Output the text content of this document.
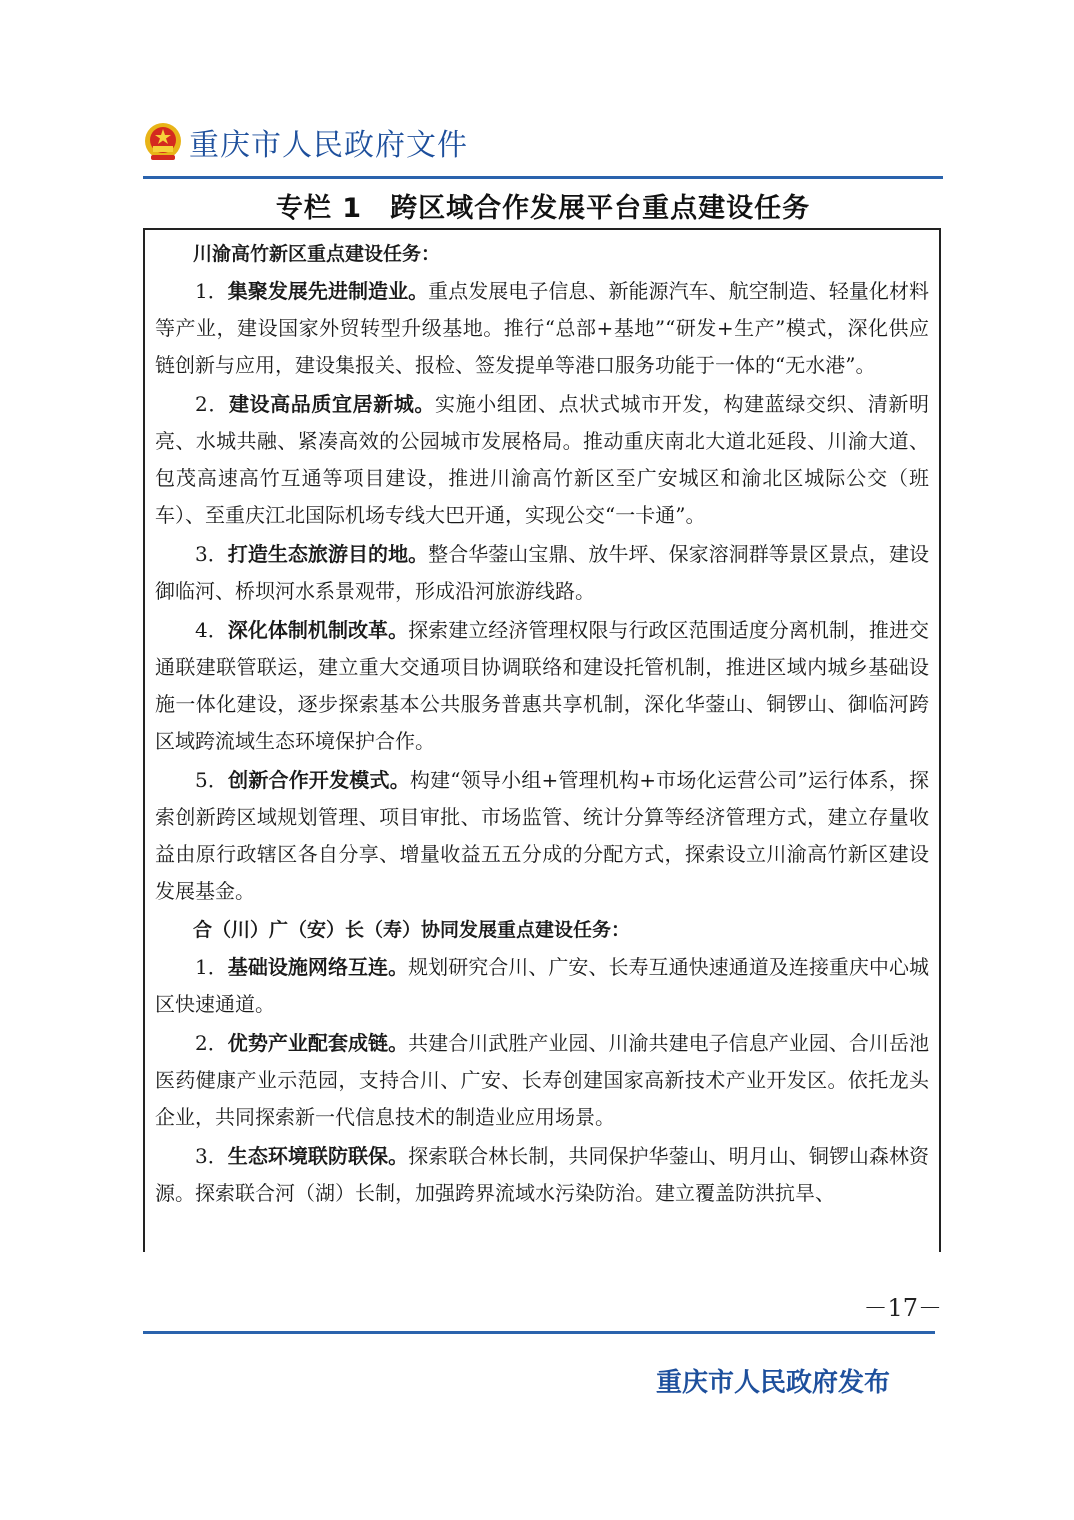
重庆市人民政府文件
专栏 1　跨区域合作发展平台重点建设任务

川渝高竹新区重点建设任务：

1．集聚发展先进制造业。重点发展电子信息、新能源汽车、航空制造、轻量化材料等产业，建设国家外贸转型升级基地。推行“总部+基地”“研发+生产”模式，深化供应链创新与应用，建设集报关、报检、签发提单等港口服务功能于一体的“无水港”。

2．建设高品质宜居新城。实施小组团、点状式城市开发，构建蓝绿交织、清新明亮、水城共融、紧凑高效的公园城市发展格局。推动重庆南北大道北延段、川渝大道、包茂高速高竹互通等项目建设，推进川渝高竹新区至广安城区和渝北区城际公交（班车）、至重庆江北国际机场专线大巴开通，实现公交“一卡通”。

3．打造生态旅游目的地。整合华蓥山宝鼎、放牛坪、保家溶洞群等景区景点，建设御临河、桥坝河水系景观带，形成沿河旅游线路。

4．深化体制机制改革。探索建立经济管理权限与行政区范围适度分离机制，推进交通联建联管联运，建立重大交通项目协调联络和建设托管机制，推进区域内城乡基础设施一体化建设，逐步探索基本公共服务普惠共享机制，深化华蓥山、铜锣山、御临河跨区域跨流域生态环境保护合作。

5．创新合作开发模式。构建“领导小组+管理机构+市场化运营公司”运行体系，探索创新跨区域规划管理、项目审批、市场监管、统计分算等经济管理方式，建立存量收益由原行政辖区各自分享、增量收益五五分成的分配方式，探索设立川渝高竹新区建设发展基金。

合（川）广（安）长（寿）协同发展重点建设任务：

1．基础设施网络互连。规划研究合川、广安、长寿互通快速通道及连接重庆中心城区快速通道。

2．优势产业配套成链。共建合川武胜产业园、川渝共建电子信息产业园、合川岳池医药健康产业示范园，支持合川、广安、长寿创建国家高新技术产业开发区。依托龙头企业，共同探索新一代信息技术的制造业应用场景。

3．生态环境联防联保。探索联合林长制，共同保护华蓥山、明月山、铜锣山森林资源。探索联合河（湖）长制，加强跨界流域水污染防治。建立覆盖防洪抗旱、

－17－
重庆市人民政府发布
